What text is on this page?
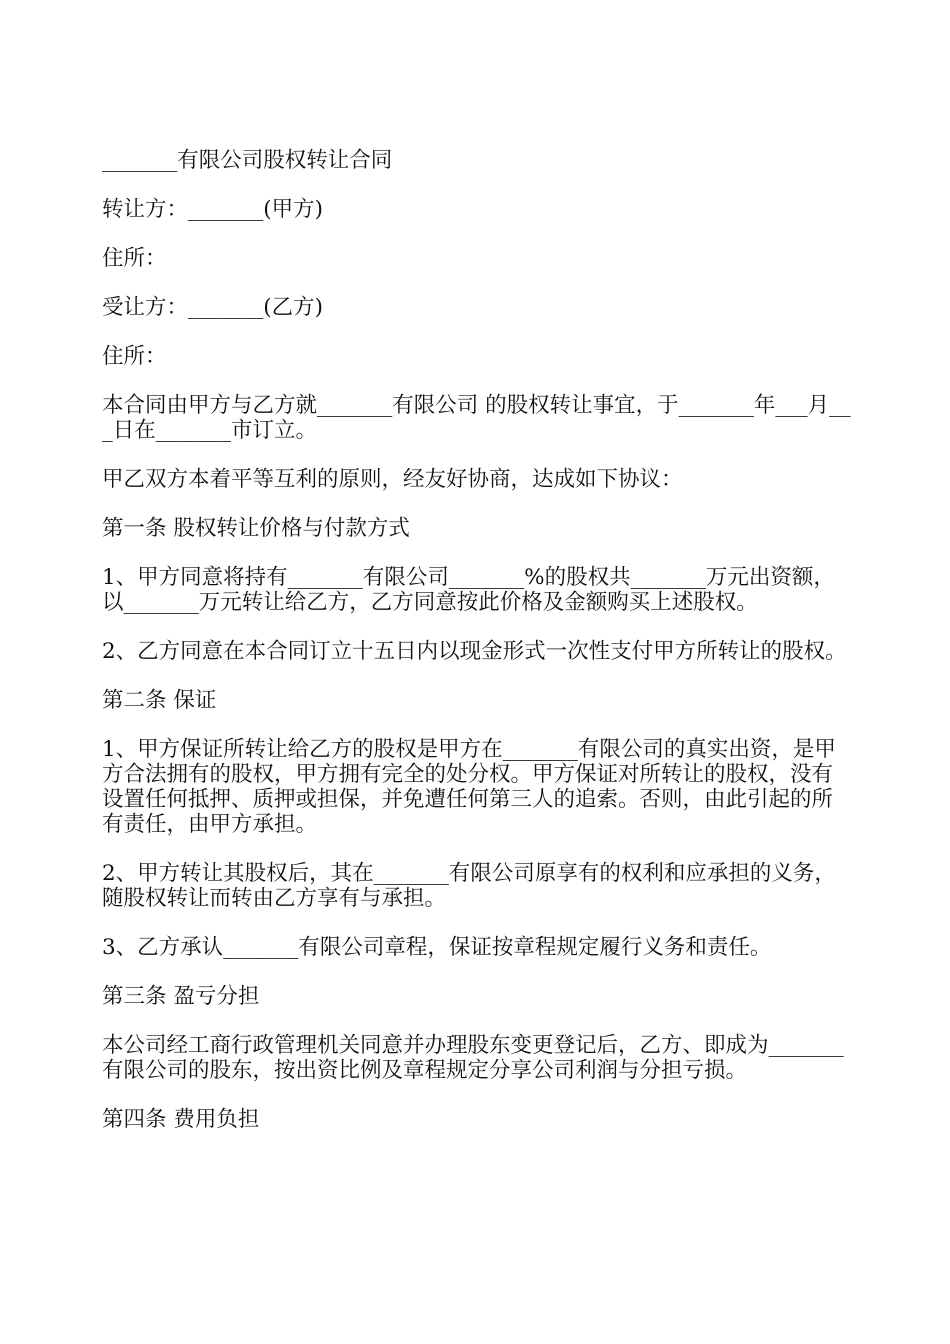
_______有限公司股权转让合同

转让方：_______(甲方)

住所：

受让方：_______(乙方)

住所：

本合同由甲方与乙方就_______有限公司 的股权转让事宜，于_______年___月___日在_______市订立。

甲乙双方本着平等互利的原则，经友好协商，达成如下协议：

第一条 股权转让价格与付款方式

1、甲方同意将持有_______有限公司_______%的股权共_______万元出资额，以_______万元转让给乙方，乙方同意按此价格及金额购买上述股权。

2、乙方同意在本合同订立十五日内以现金形式一次性支付甲方所转让的股权。

第二条 保证

1、甲方保证所转让给乙方的股权是甲方在_______有限公司的真实出资，是甲方合法拥有的股权，甲方拥有完全的处分权。甲方保证对所转让的股权，没有设置任何抵押、质押或担保，并免遭任何第三人的追索。否则，由此引起的所有责任，由甲方承担。

2、甲方转让其股权后，其在_______有限公司原享有的权利和应承担的义务，随股权转让而转由乙方享有与承担。

3、乙方承认_______有限公司章程，保证按章程规定履行义务和责任。

第三条 盈亏分担

本公司经工商行政管理机关同意并办理股东变更登记后，乙方、即成为_______有限公司的股东，按出资比例及章程规定分享公司利润与分担亏损。

第四条 费用负担
